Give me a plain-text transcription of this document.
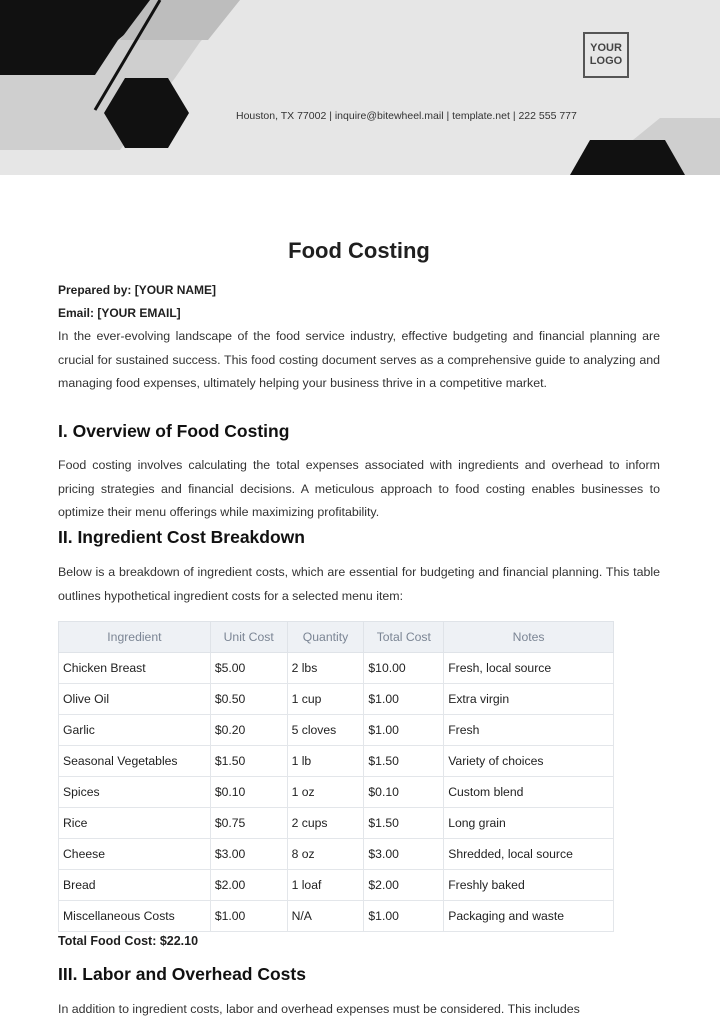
YOUR LOGO
Houston, TX 77002 | inquire@bitewheel.mail | template.net | 222 555 777
Food Costing
Prepared by: [YOUR NAME]
Email: [YOUR EMAIL]

In the ever-evolving landscape of the food service industry, effective budgeting and financial planning are crucial for sustained success. This food costing document serves as a comprehensive guide to analyzing and managing food expenses, ultimately helping your business thrive in a competitive market.

I. Overview of Food Costing

Food costing involves calculating the total expenses associated with ingredients and overhead to inform pricing strategies and financial decisions. A meticulous approach to food costing enables businesses to optimize their menu offerings while maximizing profitability.

II. Ingredient Cost Breakdown

Below is a breakdown of ingredient costs, which are essential for budgeting and financial planning. This table outlines hypothetical ingredient costs for a selected menu item:

Ingredient	Unit Cost	Quantity	Total Cost	Notes
Chicken Breast	$5.00	2 lbs	$10.00	Fresh, local source
Olive Oil	$0.50	1 cup	$1.00	Extra virgin
Garlic	$0.20	5 cloves	$1.00	Fresh
Seasonal Vegetables	$1.50	1 lb	$1.50	Variety of choices
Spices	$0.10	1 oz	$0.10	Custom blend
Rice	$0.75	2 cups	$1.50	Long grain
Cheese	$3.00	8 oz	$3.00	Shredded, local source
Bread	$2.00	1 loaf	$2.00	Freshly baked
Miscellaneous Costs	$1.00	N/A	$1.00	Packaging and waste
Total Food Cost: $22.10
III. Labor and Overhead Costs

In addition to ingredient costs, labor and overhead expenses must be considered. This includes
